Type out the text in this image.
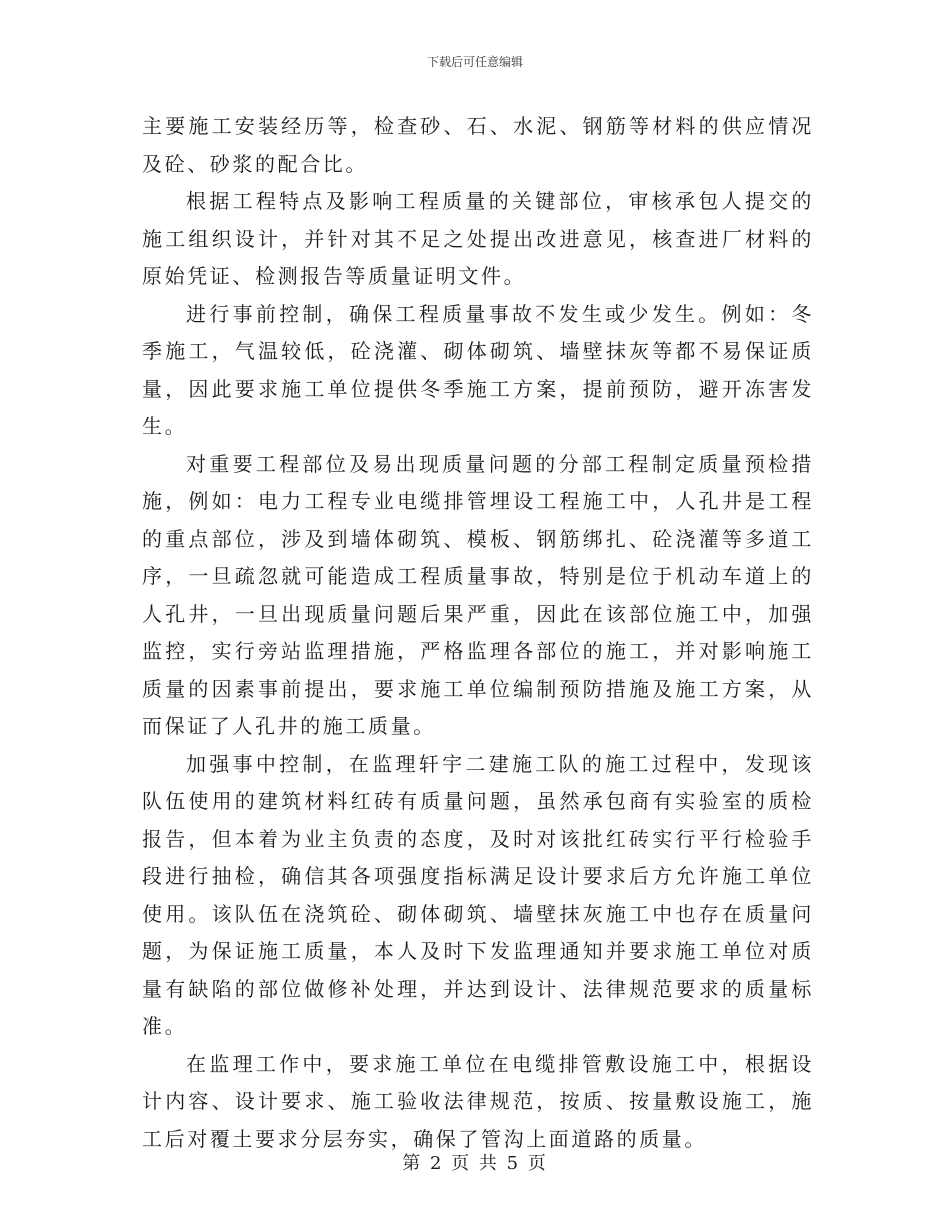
下载后可任意编辑

主要施工安装经历等，检查砂、石、水泥、钢筋等材料的供应情况及砼、砂浆的配合比。

根据工程特点及影响工程质量的关键部位，审核承包人提交的施工组织设计，并针对其不足之处提出改进意见，核查进厂材料的原始凭证、检测报告等质量证明文件。

进行事前控制，确保工程质量事故不发生或少发生。例如：冬季施工，气温较低，砼浇灌、砌体砌筑、墙壁抹灰等都不易保证质量，因此要求施工单位提供冬季施工方案，提前预防，避开冻害发生。

对重要工程部位及易出现质量问题的分部工程制定质量预检措施，例如：电力工程专业电缆排管埋设工程施工中，人孔井是工程的重点部位，涉及到墙体砌筑、模板、钢筋绑扎、砼浇灌等多道工序，一旦疏忽就可能造成工程质量事故，特别是位于机动车道上的人孔井，一旦出现质量问题后果严重，因此在该部位施工中，加强监控，实行旁站监理措施，严格监理各部位的施工，并对影响施工质量的因素事前提出，要求施工单位编制预防措施及施工方案，从而保证了人孔井的施工质量。

加强事中控制，在监理轩宇二建施工队的施工过程中，发现该队伍使用的建筑材料红砖有质量问题，虽然承包商有实验室的质检报告，但本着为业主负责的态度，及时对该批红砖实行平行检验手段进行抽检，确信其各项强度指标满足设计要求后方允许施工单位使用。该队伍在浇筑砼、砌体砌筑、墙壁抹灰施工中也存在质量问题，为保证施工质量，本人及时下发监理通知并要求施工单位对质量有缺陷的部位做修补处理，并达到设计、法律规范要求的质量标准。

在监理工作中，要求施工单位在电缆排管敷设施工中，根据设计内容、设计要求、施工验收法律规范，按质、按量敷设施工，施工后对覆土要求分层夯实，确保了管沟上面道路的质量。

第 2 页 共 5 页
